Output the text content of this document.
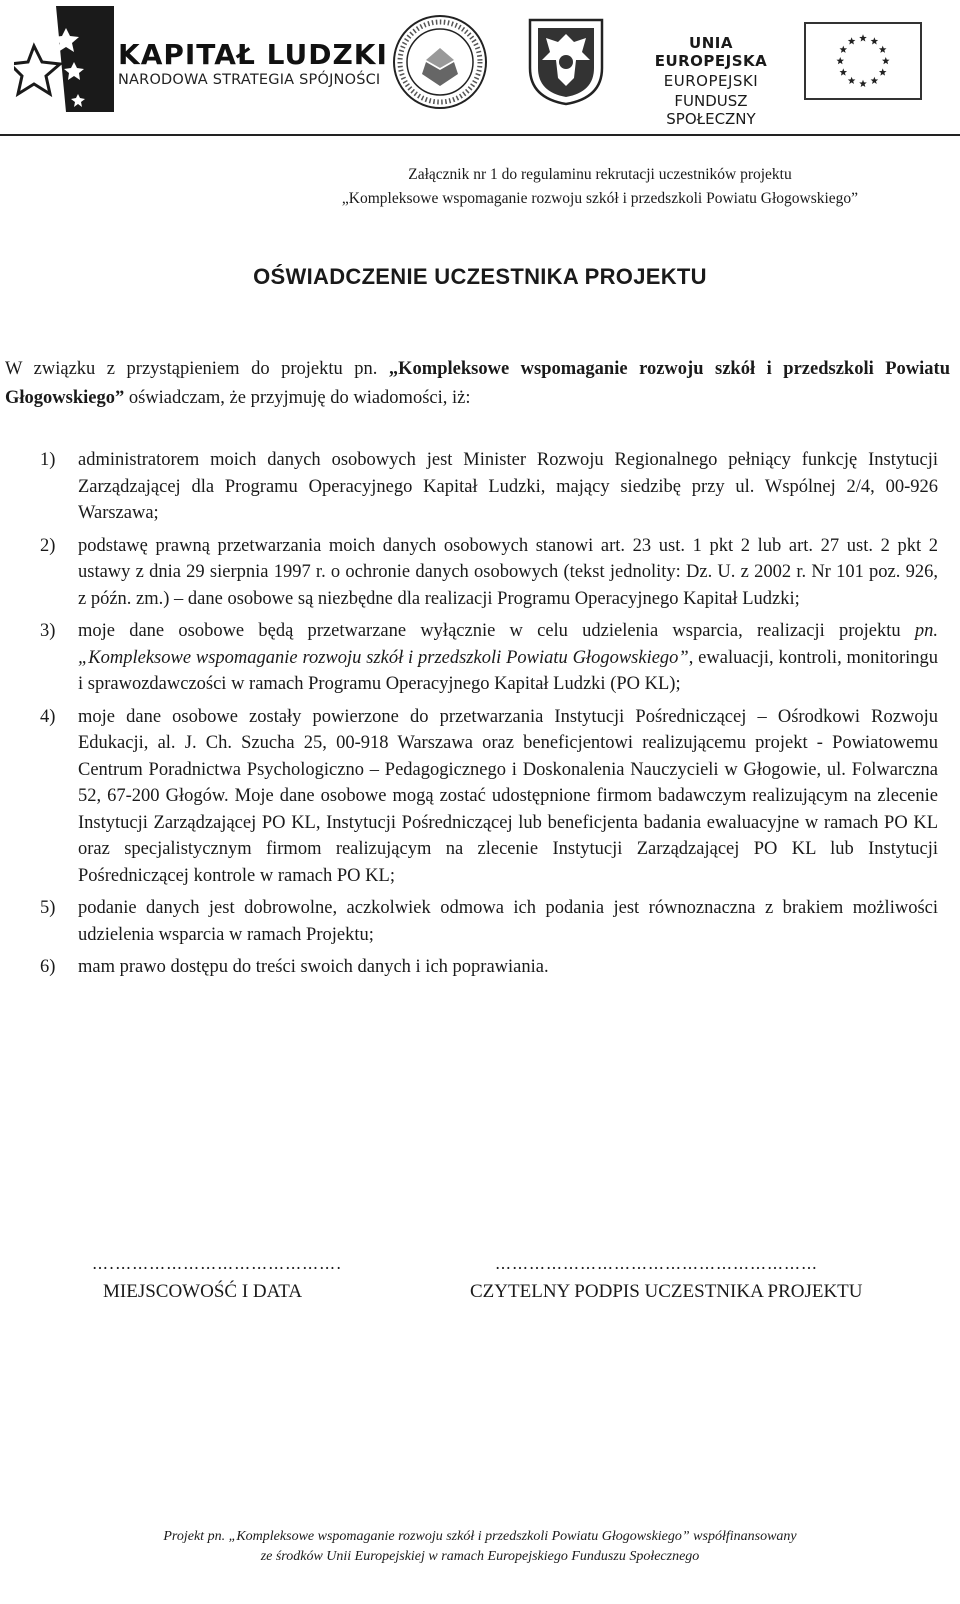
KAPITAŁ LUDZKI
NARODOWA STRATEGIA SPÓJNOŚCI
UNIA EUROPEJSKA
EUROPEJSKI
FUNDUSZ SPOŁECZNY
Załącznik nr 1 do regulaminu rekrutacji uczestników projektu
„Kompleksowe wspomaganie rozwoju szkół i przedszkoli Powiatu Głogowskiego”
OŚWIADCZENIE UCZESTNIKA PROJEKTU
W związku z przystąpieniem do projektu pn. „Kompleksowe wspomaganie rozwoju szkół i przedszkoli Powiatu Głogowskiego” oświadczam, że przyjmuję do wiadomości, iż:
1) administratorem moich danych osobowych jest Minister Rozwoju Regionalnego pełniący funkcję Instytucji Zarządzającej dla Programu Operacyjnego Kapitał Ludzki, mający siedzibę przy ul. Wspólnej 2/4, 00-926 Warszawa;
2) podstawę prawną przetwarzania moich danych osobowych stanowi art. 23 ust. 1 pkt 2 lub art. 27 ust. 2 pkt 2 ustawy z dnia 29 sierpnia 1997 r. o ochronie danych osobowych (tekst jednolity: Dz. U. z 2002 r. Nr 101 poz. 926, z późn. zm.) – dane osobowe są niezbędne dla realizacji Programu Operacyjnego Kapitał Ludzki;
3) moje dane osobowe będą przetwarzane wyłącznie w celu udzielenia wsparcia, realizacji projektu pn. „Kompleksowe wspomaganie rozwoju szkół i przedszkoli Powiatu Głogowskiego”, ewaluacji, kontroli, monitoringu i sprawozdawczości w ramach Programu Operacyjnego Kapitał Ludzki (PO KL);
4) moje dane osobowe zostały powierzone do przetwarzania Instytucji Pośredniczącej – Ośrodkowi Rozwoju Edukacji, al. J. Ch. Szucha 25, 00-918 Warszawa oraz beneficjentowi realizującemu projekt - Powiatowemu Centrum Poradnictwa Psychologiczno – Pedagogicznego i Doskonalenia Nauczycieli w Głogowie, ul. Folwarczna 52, 67-200 Głogów. Moje dane osobowe mogą zostać udostępnione firmom badawczym realizującym na zlecenie Instytucji Zarządzającej PO KL, Instytucji Pośredniczącej lub beneficjenta badania ewaluacyjne w ramach PO KL oraz specjalistycznym firmom realizującym na zlecenie Instytucji Zarządzającej PO KL lub Instytucji Pośredniczącej kontrole w ramach PO KL;
5) podanie danych jest dobrowolne, aczkolwiek odmowa ich podania jest równoznaczna z brakiem możliwości udzielenia wsparcia w ramach Projektu;
6) mam prawo dostępu do treści swoich danych i ich poprawiania.
….………………………………….
MIEJSCOWOŚĆ I DATA
…………………………………………………
CZYTELNY PODPIS UCZESTNIKA PROJEKTU
Projekt pn. „Kompleksowe wspomaganie rozwoju szkół i przedszkoli Powiatu Głogowskiego” współfinansowany
ze środków Unii Europejskiej w ramach Europejskiego Funduszu Społecznego
